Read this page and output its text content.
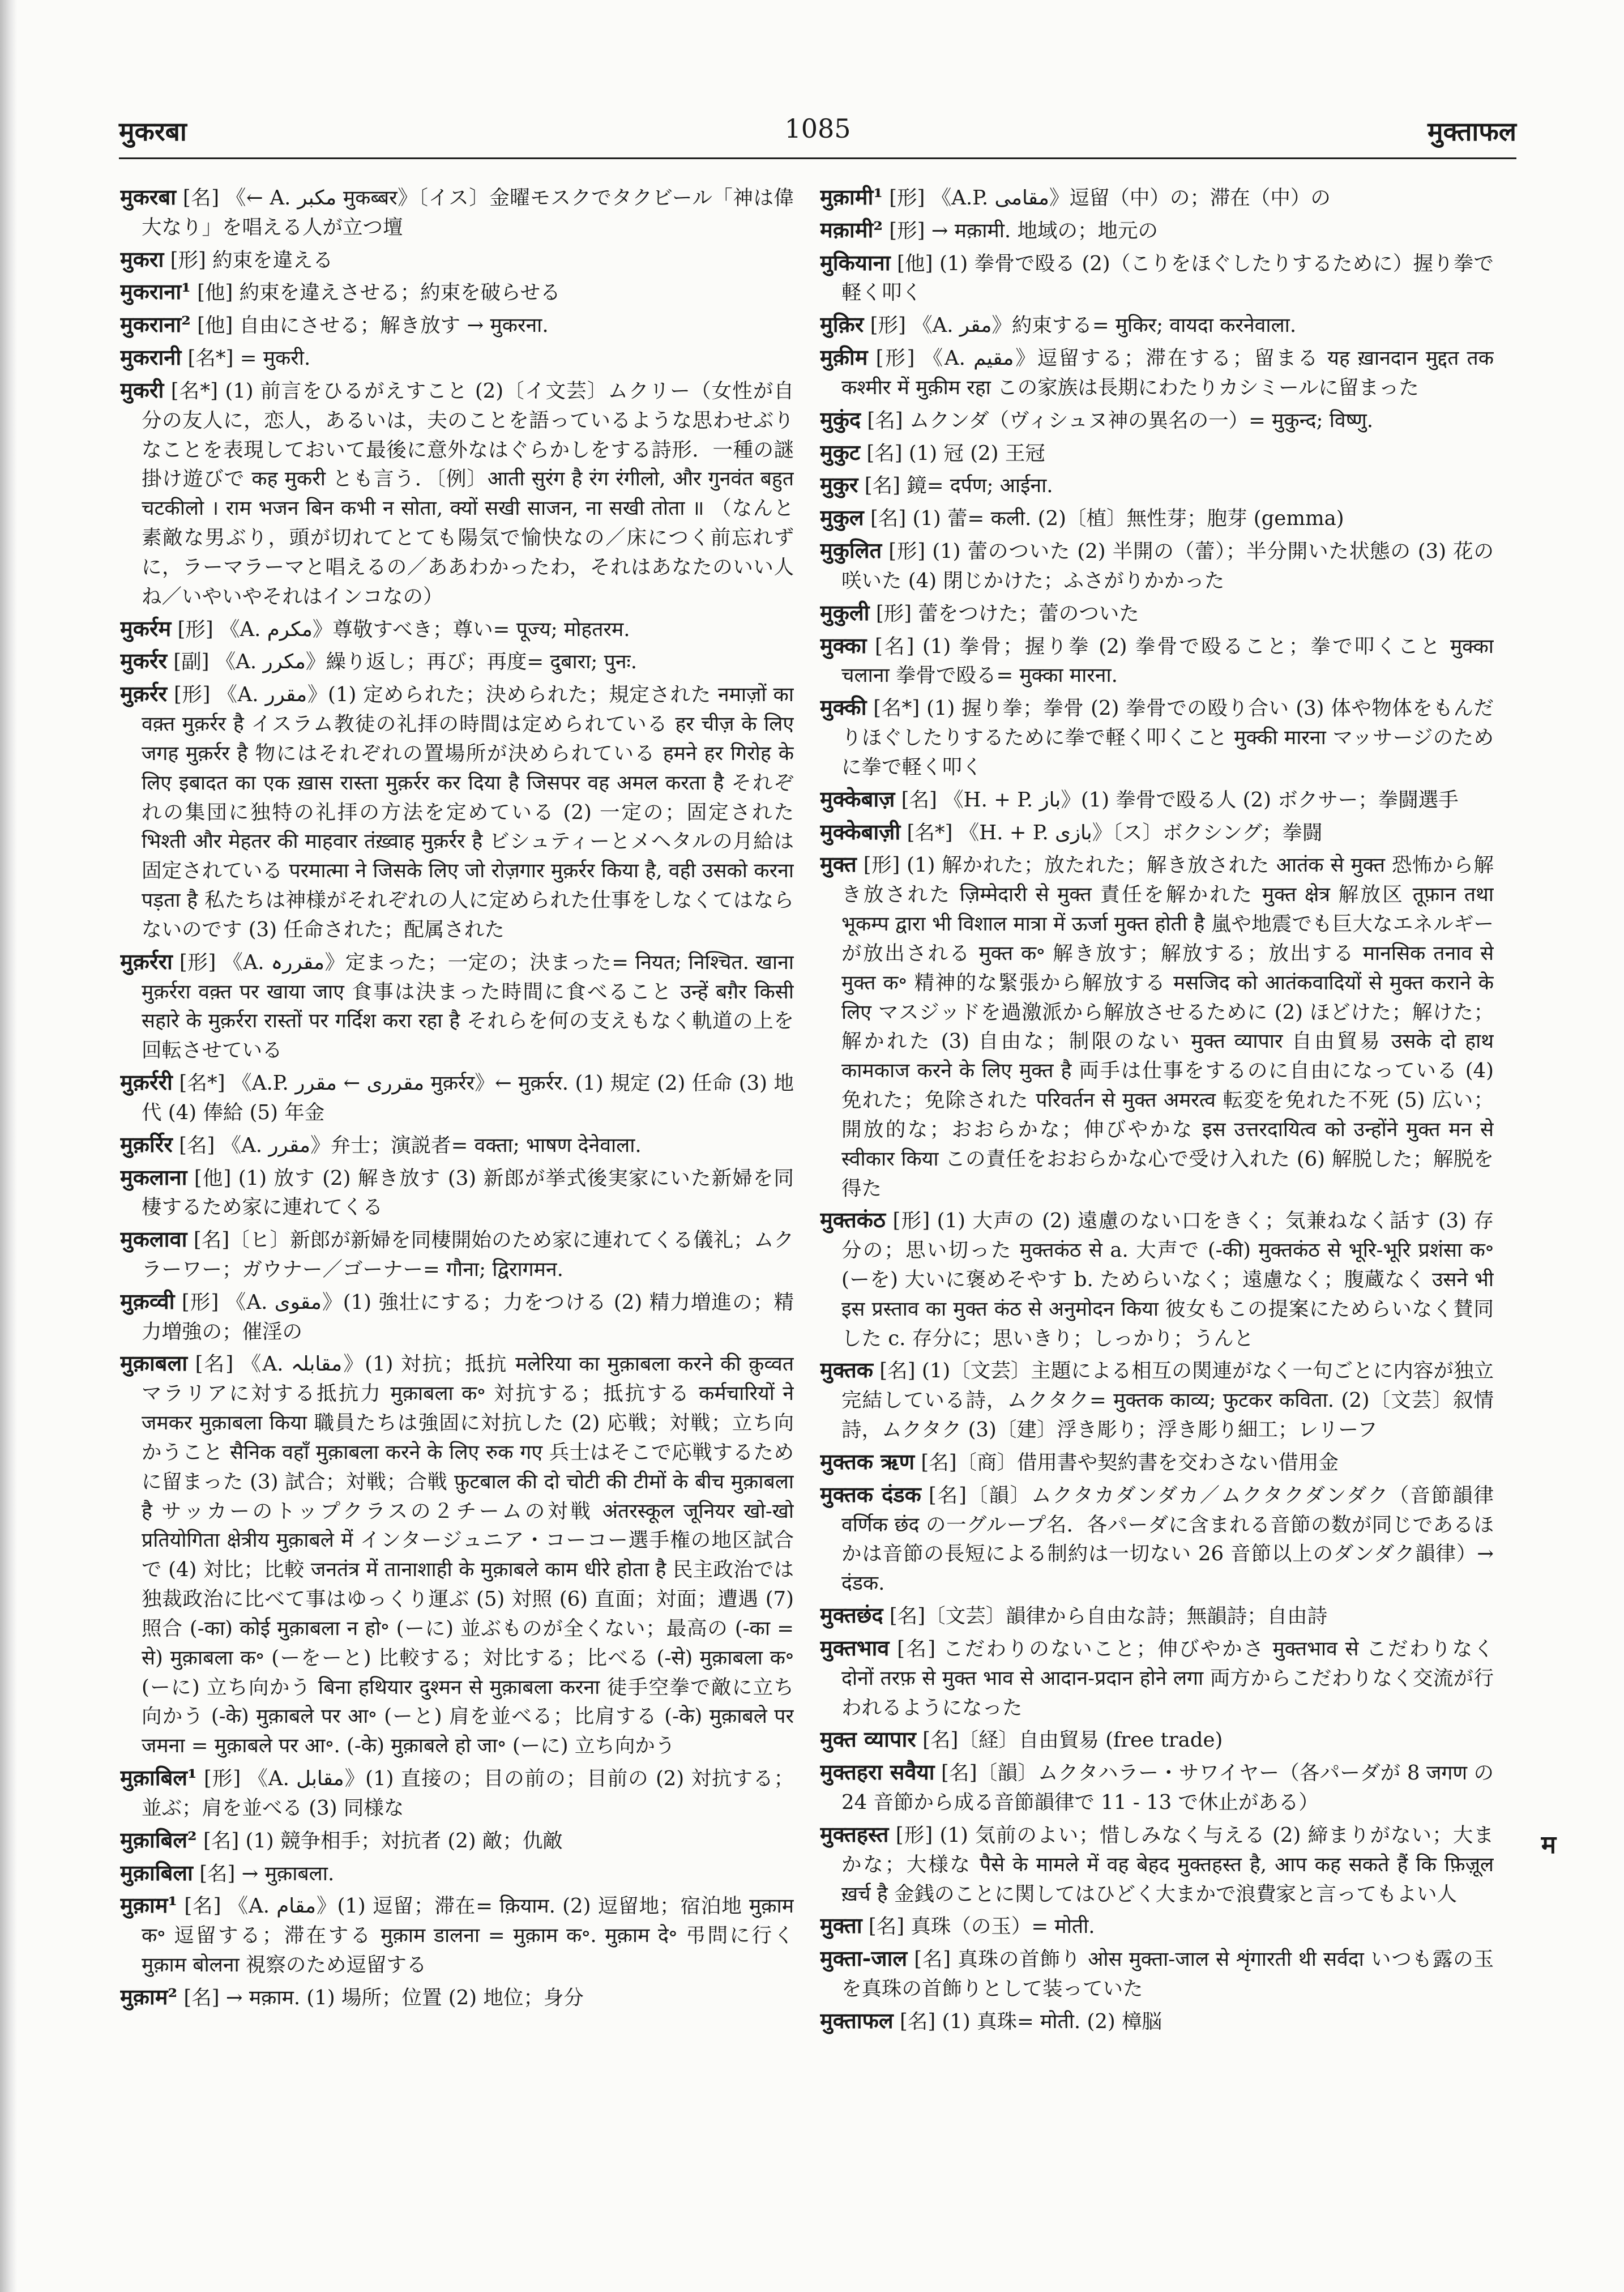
मुकरबा	1085	मुक्ताफल

मुकरबा [名] 《← A. مکبر मुकब्बर》〔イス〕金曜モスクでタクビール「神は偉大なり」を唱える人が立つ壇

मुकरा [形] 約束を違える

मुकराना¹ [他] 約束を違えさせる；約束を破らせる

मुकराना² [他] 自由にさせる；解き放す → मुकरना.

मुकरानी [名*] = मुकरी.

मुकरी [名*] (1) 前言をひるがえすこと (2)〔イ文芸〕ムクリー（女性が自分の友人に，恋人，あるいは，夫のことを語っているような思わせぶりなことを表現しておいて最後に意外なはぐらかしをする詩形．一種の謎掛け遊びで कह मुकरी とも言う．〔例〕आती सुरंग है रंग रंगीलो, और गुनवंत बहुत चटकीलो । राम भजन बिन कभी न सोता, क्यों सखी साजन, ना सखी तोता ॥ （なんと素敵な男ぶり，頭が切れてとても陽気で愉快なの／床につく前忘れずに，ラーマラーマと唱えるの／ああわかったわ，それはあなたのいい人ね／いやいやそれはインコなの）

मुकर्रम [形] 《A. مکرم》尊敬すべき；尊い= पूज्य; मोहतरम.

मुकर्रर [副] 《A. مکرر》繰り返し；再び；再度= दुबारा; पुनः.

मुक़र्रर [形] 《A. مقرر》(1) 定められた；決められた；規定された नमाज़ों का वक़्त मुक़र्रर है イスラム教徒の礼拝の時間は定められている हर चीज़ के लिए जगह मुक़र्रर है 物にはそれぞれの置場所が決められている हमने हर गिरोह के लिए इबादत का एक ख़ास रास्ता मुक़र्रर कर दिया है जिसपर वह अमल करता है それぞれの集団に独特の礼拝の方法を定めている (2) 一定の；固定された भिश्ती और मेहतर की माहवार तंख़्वाह मुक़र्रर है ビシュティーとメヘタルの月給は固定されている परमात्मा ने जिसके लिए जो रोज़गार मुक़र्रर किया है, वही उसको करना पड़ता है 私たちは神様がそれぞれの人に定められた仕事をしなくてはならないのです (3) 任命された；配属された

मुक़र्ररा [形] 《A. مقررہ》定まった；一定の；決まった= नियत; निश्चित. खाना मुक़र्ररा वक़्त पर खाया जाए 食事は決まった時間に食べること उन्हें बग़ैर किसी सहारे के मुक़र्ररा रास्तों पर गर्दिश करा रहा है それらを何の支えもなく軌道の上を回転させている

मुक़र्ररी [名*] 《A.P. مقرری ← مقرر मुक़र्रर》← मुक़र्रर. (1) 規定 (2) 任命 (3) 地代 (4) 俸給 (5) 年金

मुक़र्रिर [名] 《A. مقرر》弁士；演説者= वक्ता; भाषण देनेवाला.

मुकलाना [他] (1) 放す (2) 解き放す (3) 新郎が挙式後実家にいた新婦を同棲するため家に連れてくる

मुकलावा [名]〔ヒ〕新郎が新婦を同棲開始のため家に連れてくる儀礼；ムクラーワー；ガウナー／ゴーナー= गौना; द्विरागमन.

मुक़व्वी [形] 《A. مقوی》(1) 強壮にする；力をつける (2) 精力増進の；精力増強の；催淫の

मुक़ाबला [名] 《A. مقابلہ》(1) 対抗；抵抗 मलेरिया का मुक़ाबला करने की क़ुव्वत マラリアに対する抵抗力 मुक़ाबला क॰ 対抗する；抵抗する कर्मचारियों ने जमकर मुक़ाबला किया 職員たちは強固に対抗した (2) 応戦；対戦；立ち向かうこと सैनिक वहाँ मुक़ाबला करने के लिए रुक गए 兵士はそこで応戦するために留まった (3) 試合；対戦；合戦 फ़ुटबाल की दो चोटी की टीमों के बीच मुक़ाबला है サッカーのトップクラスの２チームの対戦 अंतरस्कूल जूनियर खो-खो प्रतियोगिता क्षेत्रीय मुक़ाबले में インタージュニア・コーコー選手権の地区試合で (4) 対比；比較 जनतंत्र में तानाशाही के मुक़ाबले काम धीरे होता है 民主政治では独裁政治に比べて事はゆっくり運ぶ (5) 対照 (6) 直面；対面；遭遇 (7) 照合 (-का) कोई मुक़ाबला न हो॰ (ーに) 並ぶものが全くない；最高の (-का = से) मुक़ाबला क॰ (ーをーと) 比較する；対比する；比べる (-से) मुक़ाबला क॰ (ーに) 立ち向かう बिना हथियार दुश्मन से मुक़ाबला करना 徒手空拳で敵に立ち向かう (-के) मुक़ाबले पर आ॰ (ーと) 肩を並べる；比肩する (-के) मुक़ाबले पर जमना = मुक़ाबले पर आ॰. (-के) मुक़ाबले हो जा॰ (ーに) 立ち向かう

मुक़ाबिल¹ [形] 《A. مقابل》(1) 直接の；目の前の；目前の (2) 対抗する；並ぶ；肩を並べる (3) 同様な

मुक़ाबिल² [名] (1) 競争相手；対抗者 (2) 敵；仇敵

मुक़ाबिला [名] → मुक़ाबला.

मुक़ाम¹ [名] 《A. مقام》(1) 逗留；滞在= क़ियाम. (2) 逗留地；宿泊地 मुक़ाम क॰ 逗留する；滞在する मुक़ाम डालना = मुक़ाम क॰. मुक़ाम दे॰ 弔問に行く मुक़ाम बोलना 視察のため逗留する

मुक़ाम² [名] → मक़ाम. (1) 場所；位置 (2) 地位；身分

मुक़ामी¹ [形] 《A.P. مقامی》逗留（中）の；滞在（中）の

मक़ामी² [形] → मक़ामी. 地域の；地元の

मुकियाना [他] (1) 拳骨で殴る (2)（こりをほぐしたりするために）握り拳で軽く叩く

मुक़िर [形] 《A. مقر》約束する= मुकिर; वायदा करनेवाला.

मुक़ीम [形] 《A. مقیم》逗留する；滞在する；留まる यह ख़ानदान मुद्दत तक कश्मीर में मुक़ीम रहा この家族は長期にわたりカシミールに留まった

मुकुंद [名] ムクンダ（ヴィシュヌ神の異名の一）= मुकुन्द; विष्णु.

मुकुट [名] (1) 冠 (2) 王冠

मुकुर [名] 鏡= दर्पण; आईना.

मुकुल [名] (1) 蕾= कली. (2)〔植〕無性芽；胞芽 (gemma)

मुकुलित [形] (1) 蕾のついた (2) 半開の（蕾）；半分開いた状態の (3) 花の咲いた (4) 閉じかけた；ふさがりかかった

मुकुली [形] 蕾をつけた；蕾のついた

मुक्का [名] (1) 拳骨；握り拳 (2) 拳骨で殴ること；拳で叩くこと मुक्का चलाना 拳骨で殴る= मुक्का मारना.

मुक्की [名*] (1) 握り拳；拳骨 (2) 拳骨での殴り合い (3) 体や物体をもんだりほぐしたりするために拳で軽く叩くこと मुक्की मारना マッサージのために拳で軽く叩く

मुक्केबाज़ [名] 《H. + P. باز》(1) 拳骨で殴る人 (2) ボクサー；拳闘選手

मुक्केबाज़ी [名*] 《H. + P. بازی》〔ス〕ボクシング；拳闘

मुक्त [形] (1) 解かれた；放たれた；解き放された आतंक से मुक्त 恐怖から解き放された ज़िम्मेदारी से मुक्त 責任を解かれた मुक्त क्षेत्र 解放区 तूफ़ान तथा भूकम्प द्वारा भी विशाल मात्रा में ऊर्जा मुक्त होती है 嵐や地震でも巨大なエネルギーが放出される मुक्त क॰ 解き放す；解放する；放出する मानसिक तनाव से मुक्त क॰ 精神的な緊張から解放する मसजिद को आतंकवादियों से मुक्त कराने के लिए マスジッドを過激派から解放させるために (2) ほどけた；解けた；解かれた (3) 自由な；制限のない मुक्त व्यापार 自由貿易 उसके दो हाथ कामकाज करने के लिए मुक्त है 両手は仕事をするのに自由になっている (4) 免れた；免除された परिवर्तन से मुक्त अमरत्व 転変を免れた不死 (5) 広い；開放的な；おおらかな；伸びやかな इस उत्तरदायित्व को उन्होंने मुक्त मन से स्वीकार किया この責任をおおらかな心で受け入れた (6) 解脱した；解脱を得た

मुक्तकंठ [形] (1) 大声の (2) 遠慮のない口をきく；気兼ねなく話す (3) 存分の；思い切った मुक्तकंठ से a. 大声で (-की) मुक्तकंठ से भूरि-भूरि प्रशंसा क॰ (ーを) 大いに褒めそやす b. ためらいなく；遠慮なく；腹蔵なく उसने भी इस प्रस्ताव का मुक्त कंठ से अनुमोदन किया 彼女もこの提案にためらいなく賛同した c. 存分に；思いきり；しっかり；うんと

मुक्तक [名] (1)〔文芸〕主題による相互の関連がなく一句ごとに内容が独立完結している詩，ムクタク= मुक्तक काव्य; फुटकर कविता. (2)〔文芸〕叙情詩，ムクタク (3)〔建〕浮き彫り；浮き彫り細工；レリーフ

मुक्तक ऋण [名]〔商〕借用書や契約書を交わさない借用金

मुक्तक दंडक [名]〔韻〕ムクタカダンダカ／ムクタクダンダク（音節韻律 वर्णिक छंद の一グループ名．各パーダに含まれる音節の数が同じであるほかは音節の長短による制約は一切ない 26 音節以上のダンダク韻律）→ दंडक.

मुक्तछंद [名]〔文芸〕韻律から自由な詩；無韻詩；自由詩

मुक्तभाव [名] こだわりのないこと；伸びやかさ मुक्तभाव से こだわりなく दोनों तरफ़ से मुक्त भाव से आदान-प्रदान होने लगा 両方からこだわりなく交流が行われるようになった

मुक्त व्यापार [名]〔経〕自由貿易 (free trade)

मुक्तहरा सवैया [名]〔韻〕ムクタハラー・サワイヤー（各パーダが 8 जगण の 24 音節から成る音節韻律で 11 - 13 で休止がある）

मुक्तहस्त [形] (1) 気前のよい；惜しみなく与える (2) 締まりがない；大まかな；大様な पैसे के मामले में वह बेहद मुक्तहस्त है, आप कह सकते हैं कि फ़िज़ूल ख़र्च है 金銭のことに関してはひどく大まかで浪費家と言ってもよい人

मुक्ता [名] 真珠（の玉）= मोती.

मुक्ता-जाल [名] 真珠の首飾り ओस मुक्ता-जाल से शृंगारती थी सर्वदा いつも露の玉を真珠の首飾りとして装っていた

मुक्ताफल [名] (1) 真珠= मोती. (2) 樟脳

म
